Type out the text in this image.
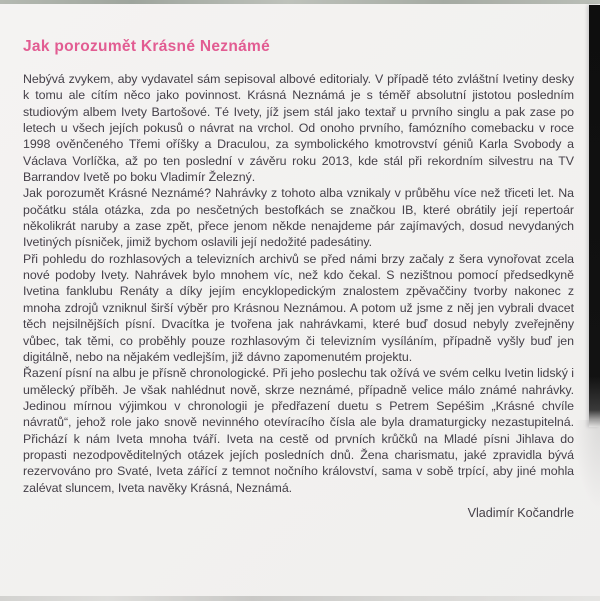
Jak porozumět Krásné Neznámé

Nebývá zvykem, aby vydavatel sám sepisoval albové editorialy. V případě této zvláštní Ivetiny desky k tomu ale cítím něco jako povinnost. Krásná Neznámá je s téměř absolutní jistotou posledním studiovým albem Ivety Bartošové. Té Ivety, jíž jsem stál jako textař u prvního singlu a pak zase po letech u všech jejích pokusů o návrat na vrchol. Od onoho prvního, famózního comebacku v roce 1998 ověnčeného Třemi oříšky a Draculou, za symbolického kmotrovství géniů Karla Svobody a Václava Vorlíčka, až po ten poslední v závěru roku 2013, kde stál při rekordním silvestru na TV Barrandov Ivetě po boku Vladimír Železný.

Jak porozumět Krásné Neznámé? Nahrávky z tohoto alba vznikaly v průběhu více než třiceti let. Na počátku stála otázka, zda po nesčetných bestofkách se značkou IB, které obrátily její repertoár několikrát naruby a zase zpět, přece jenom někde nenajdeme pár zajímavých, dosud nevydaných Ivetiných písniček, jimiž bychom oslavili její nedožité padesátiny.

Při pohledu do rozhlasových a televizních archivů se před námi brzy začaly z šera vynořovat zcela nové podoby Ivety. Nahrávek bylo mnohem víc, než kdo čekal. S nezištnou pomocí předsedkyně Ivetina fanklubu Renáty a díky jejím encyklopedickým znalostem zpěvaččiny tvorby nakonec z mnoha zdrojů vzniknul širší výběr pro Krásnou Neznámou. A potom už jsme z něj jen vybrali dvacet těch nejsilnějších písní. Dvacítka je tvořena jak nahrávkami, které buď dosud nebyly zveřejněny vůbec, tak těmi, co proběhly pouze rozhlasovým či televizním vysíláním, případně vyšly buď jen digitálně, nebo na nějakém vedlejším, již dávno zapomenutém projektu.

Řazení písní na albu je přísně chronologické. Při jeho poslechu tak ožívá ve svém celku Ivetin lidský i umělecký příběh. Je však nahlédnut nově, skrze neznámé, případně velice málo známé nahrávky. Jedinou mírnou výjimkou v chronologii je předřazení duetu s Petrem Sepéšim „Krásné chvíle návratů“, jehož role jako snově nevinného otevíracího čísla ale byla dramaturgicky nezastupitelná. Přichází k nám Iveta mnoha tváří. Iveta na cestě od prvních krůčků na Mladé písni Jihlava do propasti nezodpověditelných otázek jejích posledních dnů. Žena charismatu, jaké zpravidla bývá rezervováno pro Svaté, Iveta zářící z temnot nočního království, sama v sobě trpící, aby jiné mohla zalévat sluncem, Iveta navěky Krásná, Neznámá.

Vladimír Kočandrle
